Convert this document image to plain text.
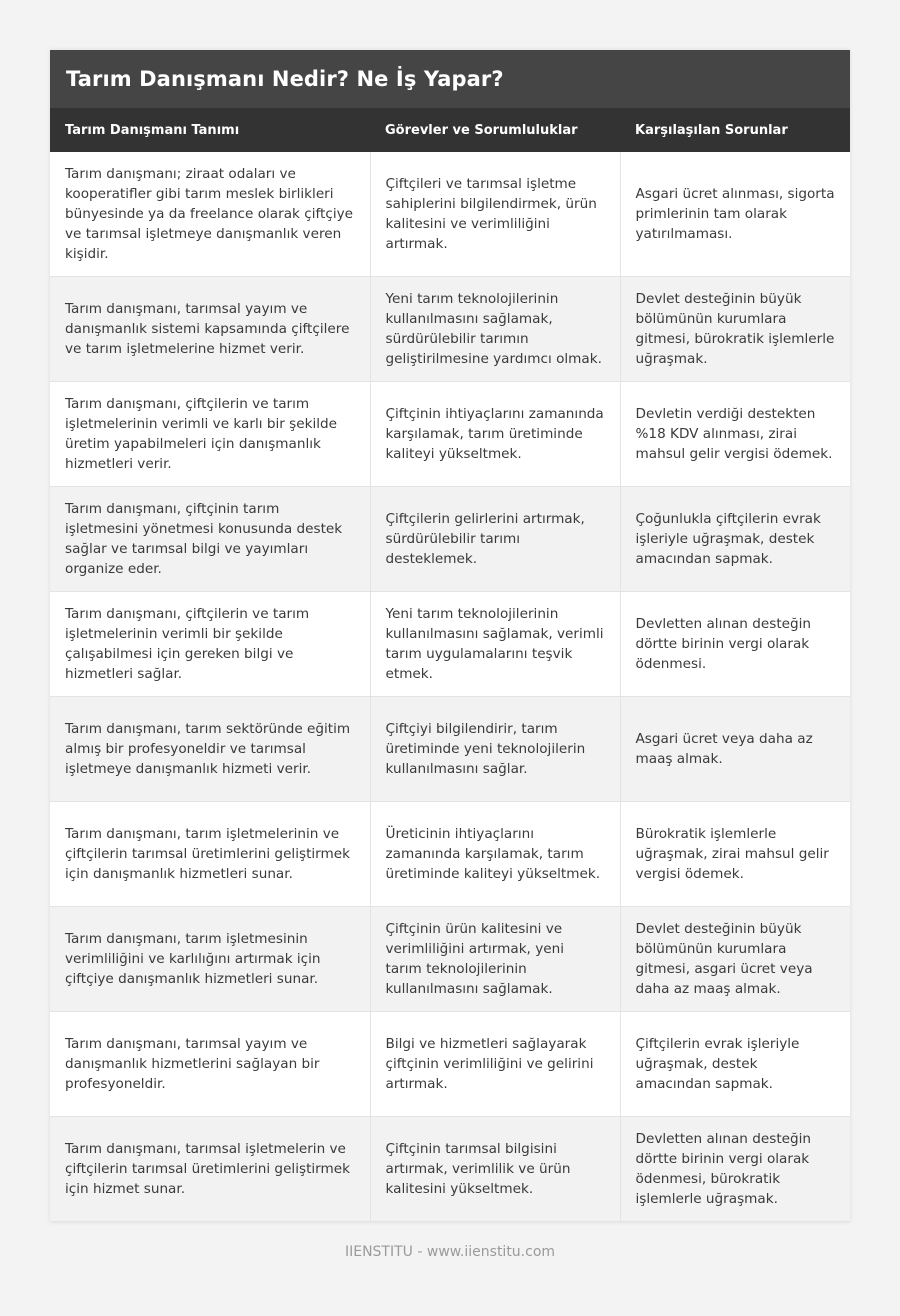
Tarım Danışmanı Nedir? Ne İş Yapar?
Tarım Danışmanı Tanımı	Görevler ve Sorumluluklar	Karşılaşılan Sorunlar
Tarım danışmanı; ziraat odaları ve kooperatifler gibi tarım meslek birlikleri bünyesinde ya da freelance olarak çiftçiye ve tarımsal işletmeye danışmanlık veren kişidir.	Çiftçileri ve tarımsal işletme sahiplerini bilgilendirmek, ürün kalitesini ve verimliliğini artırmak.	Asgari ücret alınması, sigorta primlerinin tam olarak yatırılmaması.
Tarım danışmanı, tarımsal yayım ve danışmanlık sistemi kapsamında çiftçilere ve tarım işletmelerine hizmet verir.	Yeni tarım teknolojilerinin kullanılmasını sağlamak, sürdürülebilir tarımın geliştirilmesine yardımcı olmak.	Devlet desteğinin büyük bölümünün kurumlara gitmesi, bürokratik işlemlerle uğraşmak.
Tarım danışmanı, çiftçilerin ve tarım işletmelerinin verimli ve karlı bir şekilde üretim yapabilmeleri için danışmanlık hizmetleri verir.	Çiftçinin ihtiyaçlarını zamanında karşılamak, tarım üretiminde kaliteyi yükseltmek.	Devletin verdiği destekten %18 KDV alınması, zirai mahsul gelir vergisi ödemek.
Tarım danışmanı, çiftçinin tarım işletmesini yönetmesi konusunda destek sağlar ve tarımsal bilgi ve yayımları organize eder.	Çiftçilerin gelirlerini artırmak, sürdürülebilir tarımı desteklemek.	Çoğunlukla çiftçilerin evrak işleriyle uğraşmak, destek amacından sapmak.
Tarım danışmanı, çiftçilerin ve tarım işletmelerinin verimli bir şekilde çalışabilmesi için gereken bilgi ve hizmetleri sağlar.	Yeni tarım teknolojilerinin kullanılmasını sağlamak, verimli tarım uygulamalarını teşvik etmek.	Devletten alınan desteğin dörtte birinin vergi olarak ödenmesi.
Tarım danışmanı, tarım sektöründe eğitim almış bir profesyoneldir ve tarımsal işletmeye danışmanlık hizmeti verir.	Çiftçiyi bilgilendirir, tarım üretiminde yeni teknolojilerin kullanılmasını sağlar.	Asgari ücret veya daha az maaş almak.
Tarım danışmanı, tarım işletmelerinin ve çiftçilerin tarımsal üretimlerini geliştirmek için danışmanlık hizmetleri sunar.	Üreticinin ihtiyaçlarını zamanında karşılamak, tarım üretiminde kaliteyi yükseltmek.	Bürokratik işlemlerle uğraşmak, zirai mahsul gelir vergisi ödemek.
Tarım danışmanı, tarım işletmesinin verimliliğini ve karlılığını artırmak için çiftçiye danışmanlık hizmetleri sunar.	Çiftçinin ürün kalitesini ve verimliliğini artırmak, yeni tarım teknolojilerinin kullanılmasını sağlamak.	Devlet desteğinin büyük bölümünün kurumlara gitmesi, asgari ücret veya daha az maaş almak.
Tarım danışmanı, tarımsal yayım ve danışmanlık hizmetlerini sağlayan bir profesyoneldir.	Bilgi ve hizmetleri sağlayarak çiftçinin verimliliğini ve gelirini artırmak.	Çiftçilerin evrak işleriyle uğraşmak, destek amacından sapmak.
Tarım danışmanı, tarımsal işletmelerin ve çiftçilerin tarımsal üretimlerini geliştirmek için hizmet sunar.	Çiftçinin tarımsal bilgisini artırmak, verimlilik ve ürün kalitesini yükseltmek.	Devletten alınan desteğin dörtte birinin vergi olarak ödenmesi, bürokratik işlemlerle uğraşmak.
IIENSTITU - www.iienstitu.com
